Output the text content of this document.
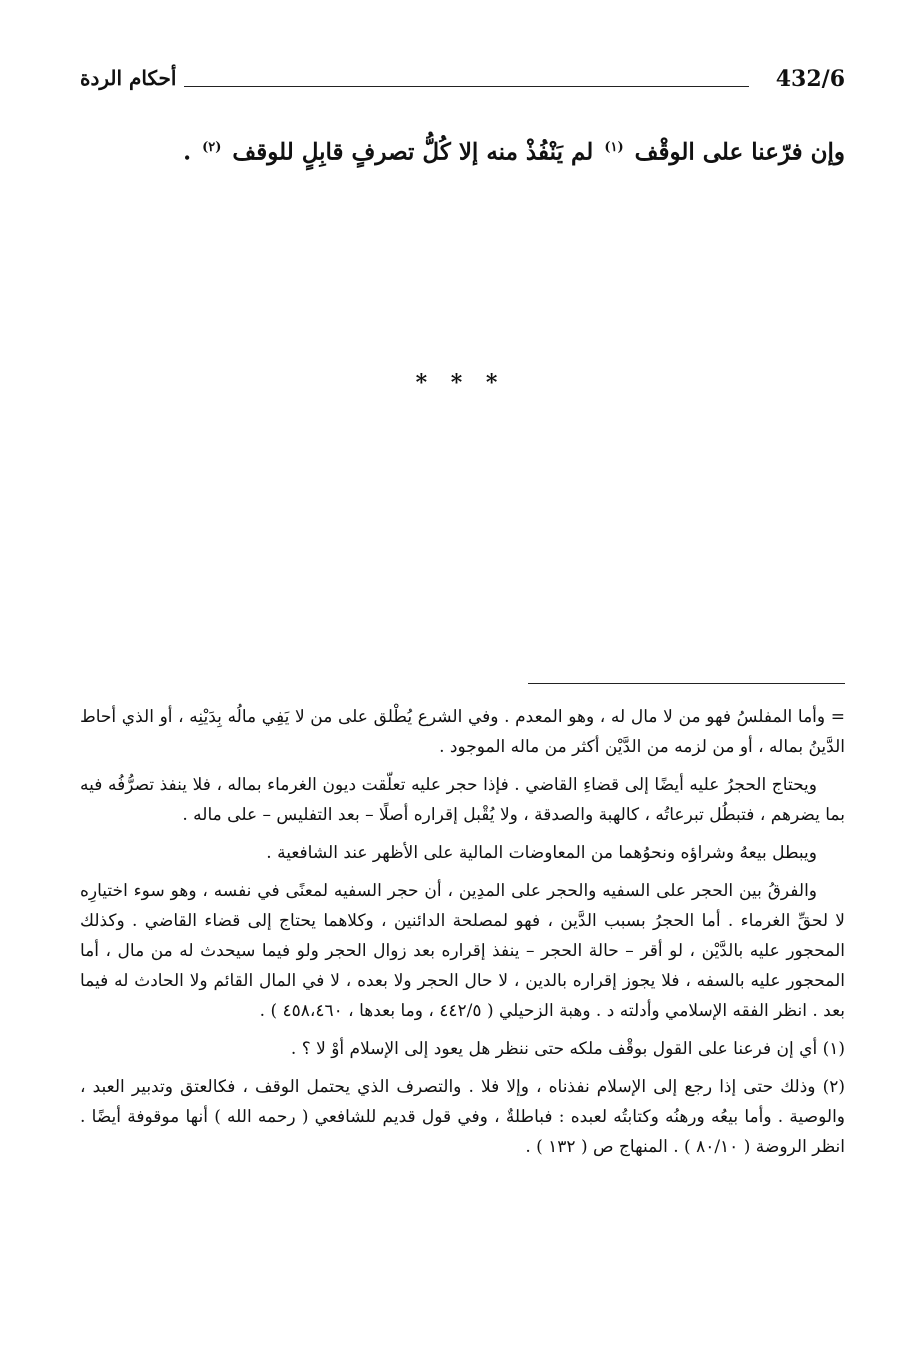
432/6
أحكام الردة
وإن فرّعنا على الوقْف $^{(١)}$ لم يَنْفُذْ منه إلا كُلُّ تصرفٍ قابِلٍ للوقف $^{(٢)}$ .
* * *

= وأما المفلسُ فهو من لا مال له ، وهو المعدم . وفي الشرع يُطْلق على من لا يَفِي مالُه بِدَيْنِه ، أو الذي أحاط الدَّينُ بماله ، أو من لزمه من الدَّيْن أكثر من ماله الموجود .

ويحتاج الحجرُ عليه أيضًا إلى قضاءِ القاضي . فإذا حجر عليه تعلّقت ديون الغرماء بماله ، فلا ينفذ تصرُّفُه فيه بما يضرهم ، فتبطُل تبرعاتُه ، كالهبة والصدقة ، ولا يُقْبل إقراره أصلًا – بعد التفليس – على ماله .

ويبطل بيعهُ وشراؤه ونحوُهما من المعاوضات المالية على الأظهر عند الشافعية .

والفرقُ بين الحجر على السفيه والحجر على المدِين ، أن حجر السفيه لمعنًى في نفسه ، وهو سوء اختيارِه لا لحقِّ الغرماء . أما الحجرُ بسبب الدَّين ، فهو لمصلحة الدائنين ، وكلاهما يحتاج إلى قضاء القاضي . وكذلك المحجور عليه بالدَّيْن ، لو أقر – حالة الحجر – ينفذ إقراره بعد زوال الحجر ولو فيما سيحدث له من مال ، أما المحجور عليه بالسفه ، فلا يجوز إقراره بالدين ، لا حال الحجر ولا بعده ، لا في المال القائم ولا الحادث له فيما بعد . انظر الفقه الإسلامي وأدلته د . وهبة الزحيلي ( ٤٤٢/٥ ، وما بعدها ، ٤٥٨،٤٦٠ ) .

(١) أي إن فرعنا على القول بوقْف ملكه حتى ننظر هل يعود إلى الإسلام أوْ لا ؟ .

(٢) وذلك حتى إذا رجع إلى الإسلام نفذناه ، وإلا فلا . والتصرف الذي يحتمل الوقف ، فكالعتق وتدبير العبد ، والوصية . وأما بيعُه ورهنُه وكتابتُه لعبده : فباطلةٌ ، وفي قول قديم للشافعي ( رحمه الله ) أنها موقوفة أيضًا . انظر الروضة ( ٨٠/١٠ ) . المنهاج ص ( ١٣٢ ) .
